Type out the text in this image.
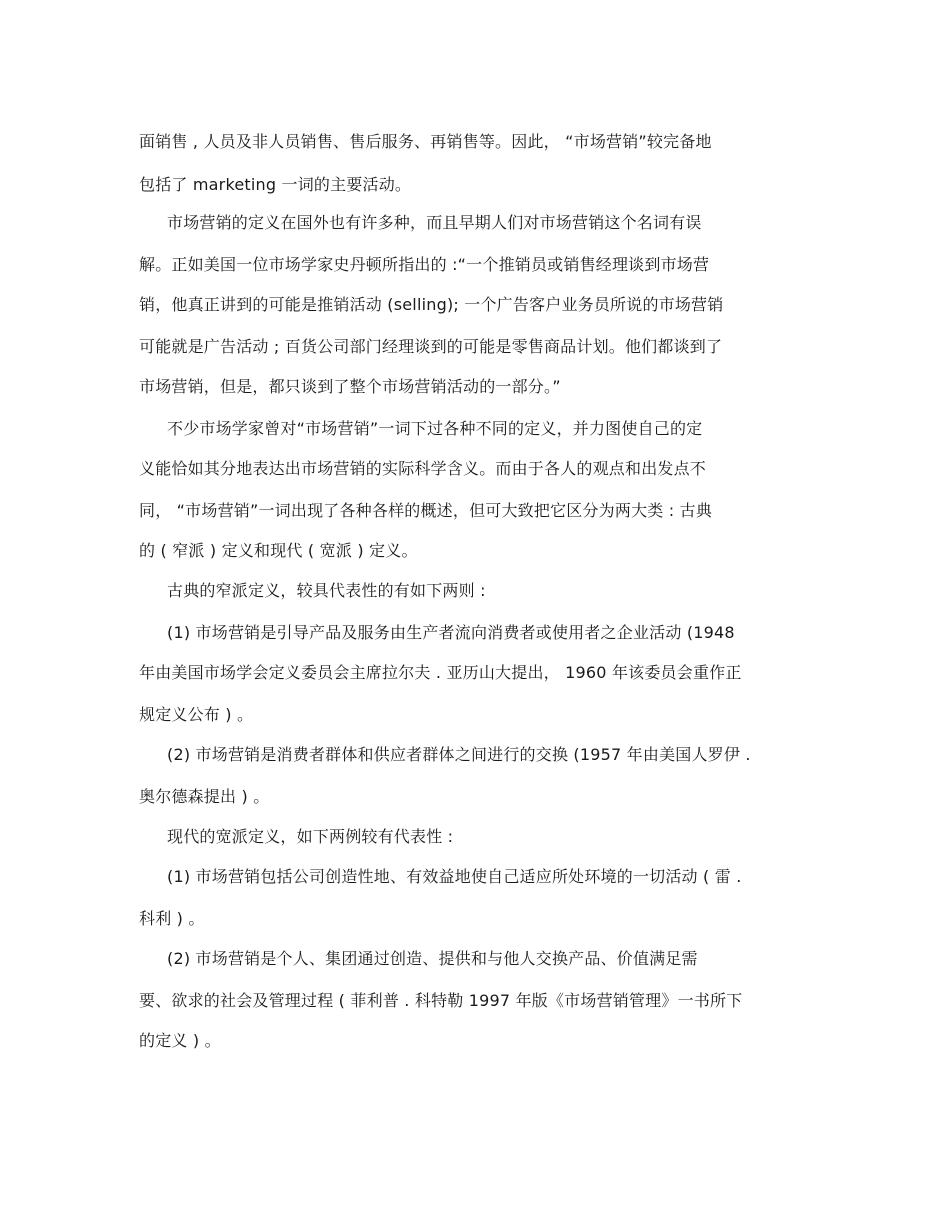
面销售 , 人员及非人员销售、售后服务、再销售等。因此， “市场营销”较完备地
包括了 marketing 一词的主要活动。
市场营销的定义在国外也有许多种，而且早期人们对市场营销这个名词有误
解。正如美国一位市场学家史丹顿所指出的 :“一个推销员或销售经理谈到市场营
销，他真正讲到的可能是推销活动 (selling); 一个广告客户业务员所说的市场营销
可能就是广告活动 ; 百货公司部门经理谈到的可能是零售商品计划。他们都谈到了
市场营销，但是，都只谈到了整个市场营销活动的一部分。”
不少市场学家曾对“市场营销”一词下过各种不同的定义，并力图使自己的定
义能恰如其分地表达出市场营销的实际科学含义。而由于各人的观点和出发点不
同， “市场营销”一词出现了各种各样的概述，但可大致把它区分为两大类 : 古典
的 ( 窄派 ) 定义和现代 ( 宽派 ) 定义。
古典的窄派定义，较具代表性的有如下两则 :
(1) 市场营销是引导产品及服务由生产者流向消费者或使用者之企业活动 (1948
年由美国市场学会定义委员会主席拉尔夫 . 亚历山大提出， 1960 年该委员会重作正
规定义公布 ) 。
(2) 市场营销是消费者群体和供应者群体之间进行的交换 (1957 年由美国人罗伊 .
奥尔德森提出 ) 。
现代的宽派定义，如下两例较有代表性 :
(1) 市场营销包括公司创造性地、有效益地使自己适应所处环境的一切活动 ( 雷 .
科利 ) 。
(2) 市场营销是个人、集团通过创造、提供和与他人交换产品、价值满足需
要、欲求的社会及管理过程 ( 菲利普 . 科特勒 1997 年版《市场营销管理》一书所下
的定义 ) 。
